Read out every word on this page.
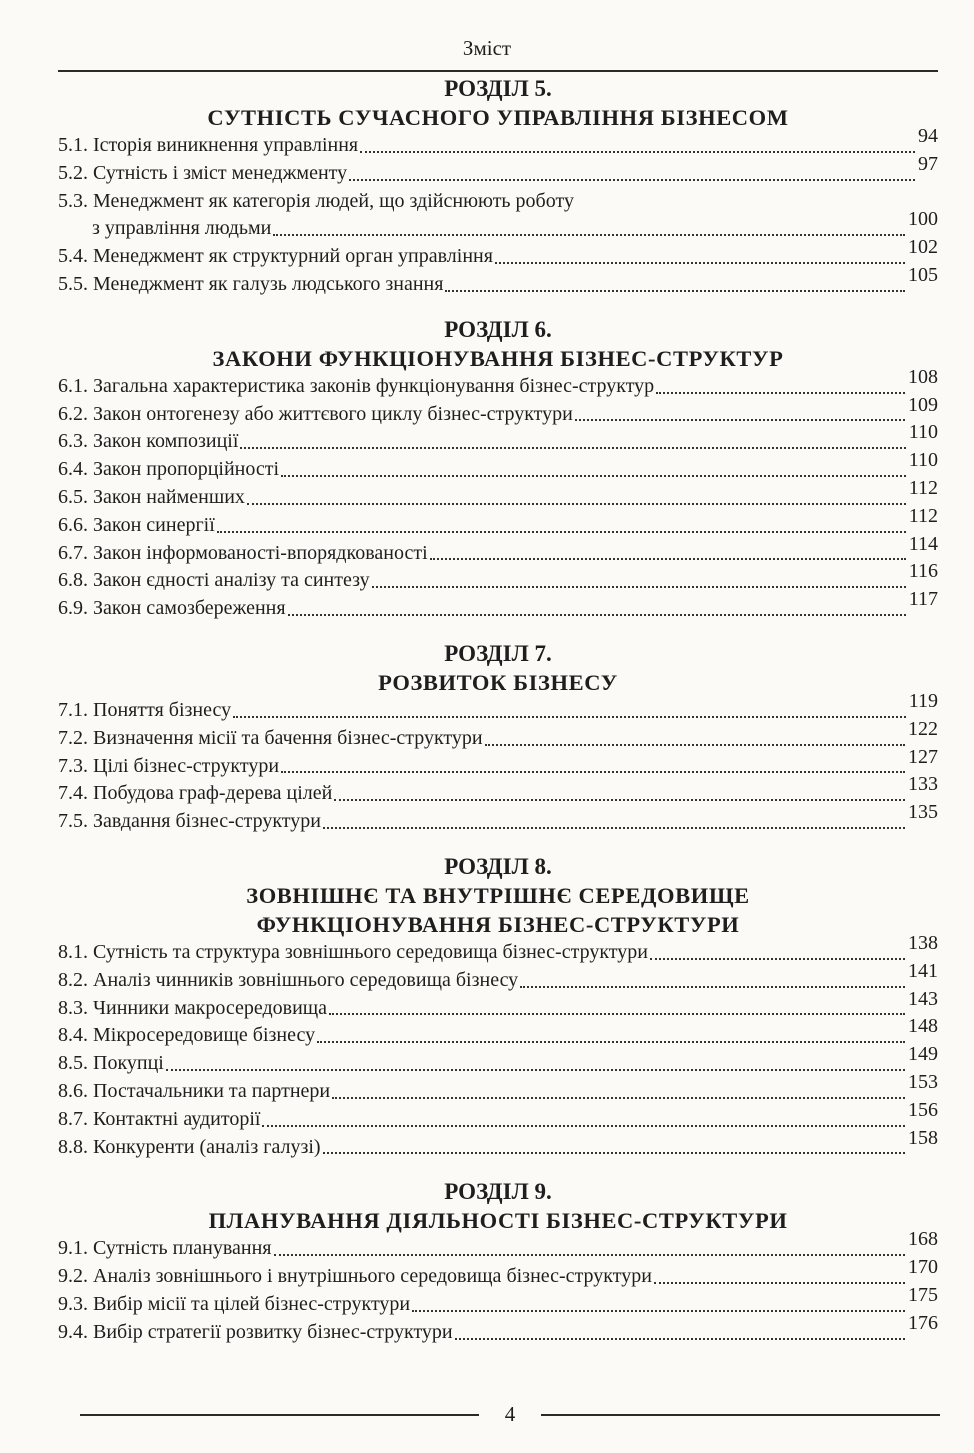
Зміст
РОЗДІЛ 5.
СУТНІСТЬ СУЧАСНОГО УПРАВЛІННЯ БІЗНЕСОМ
5.1. Історія виникнення управління	94
5.2. Сутність і зміст менеджменту	97
5.3. Менеджмент як категорія людей, що здійснюють роботу
з управління людьми	100
5.4. Менеджмент як структурний орган управління	102
5.5. Менеджмент як галузь людського знання	105
РОЗДІЛ 6.
ЗАКОНИ ФУНКЦІОНУВАННЯ БІЗНЕС-СТРУКТУР
6.1. Загальна характеристика законів функціонування бізнес-структур	108
6.2. Закон онтогенезу або життєвого циклу бізнес-структури	109
6.3. Закон композиції	110
6.4. Закон пропорційності	110
6.5. Закон найменших	112
6.6. Закон синергії	112
6.7. Закон інформованості-впорядкованості	114
6.8. Закон єдності аналізу та синтезу	116
6.9. Закон самозбереження	117
РОЗДІЛ 7.
РОЗВИТОК БІЗНЕСУ
7.1. Поняття бізнесу	119
7.2. Визначення місії та бачення бізнес-структури	122
7.3. Цілі бізнес-структури	127
7.4. Побудова граф-дерева цілей	133
7.5. Завдання бізнес-структури	135
РОЗДІЛ 8.
ЗОВНІШНЄ ТА ВНУТРІШНЄ СЕРЕДОВИЩЕ
ФУНКЦІОНУВАННЯ БІЗНЕС-СТРУКТУРИ
8.1. Сутність та структура зовнішнього середовища бізнес-структури	138
8.2. Аналіз чинників зовнішнього середовища бізнесу	141
8.3. Чинники макросередовища	143
8.4. Мікросередовище бізнесу	148
8.5. Покупці	149
8.6. Постачальники та партнери	153
8.7. Контактні аудиторії	156
8.8. Конкуренти (аналіз галузі)	158
РОЗДІЛ 9.
ПЛАНУВАННЯ ДІЯЛЬНОСТІ БІЗНЕС-СТРУКТУРИ
9.1. Сутність планування	168
9.2. Аналіз зовнішнього і внутрішнього середовища бізнес-структури	170
9.3. Вибір місії та цілей бізнес-структури	175
9.4. Вибір стратегії розвитку бізнес-структури	176
4
